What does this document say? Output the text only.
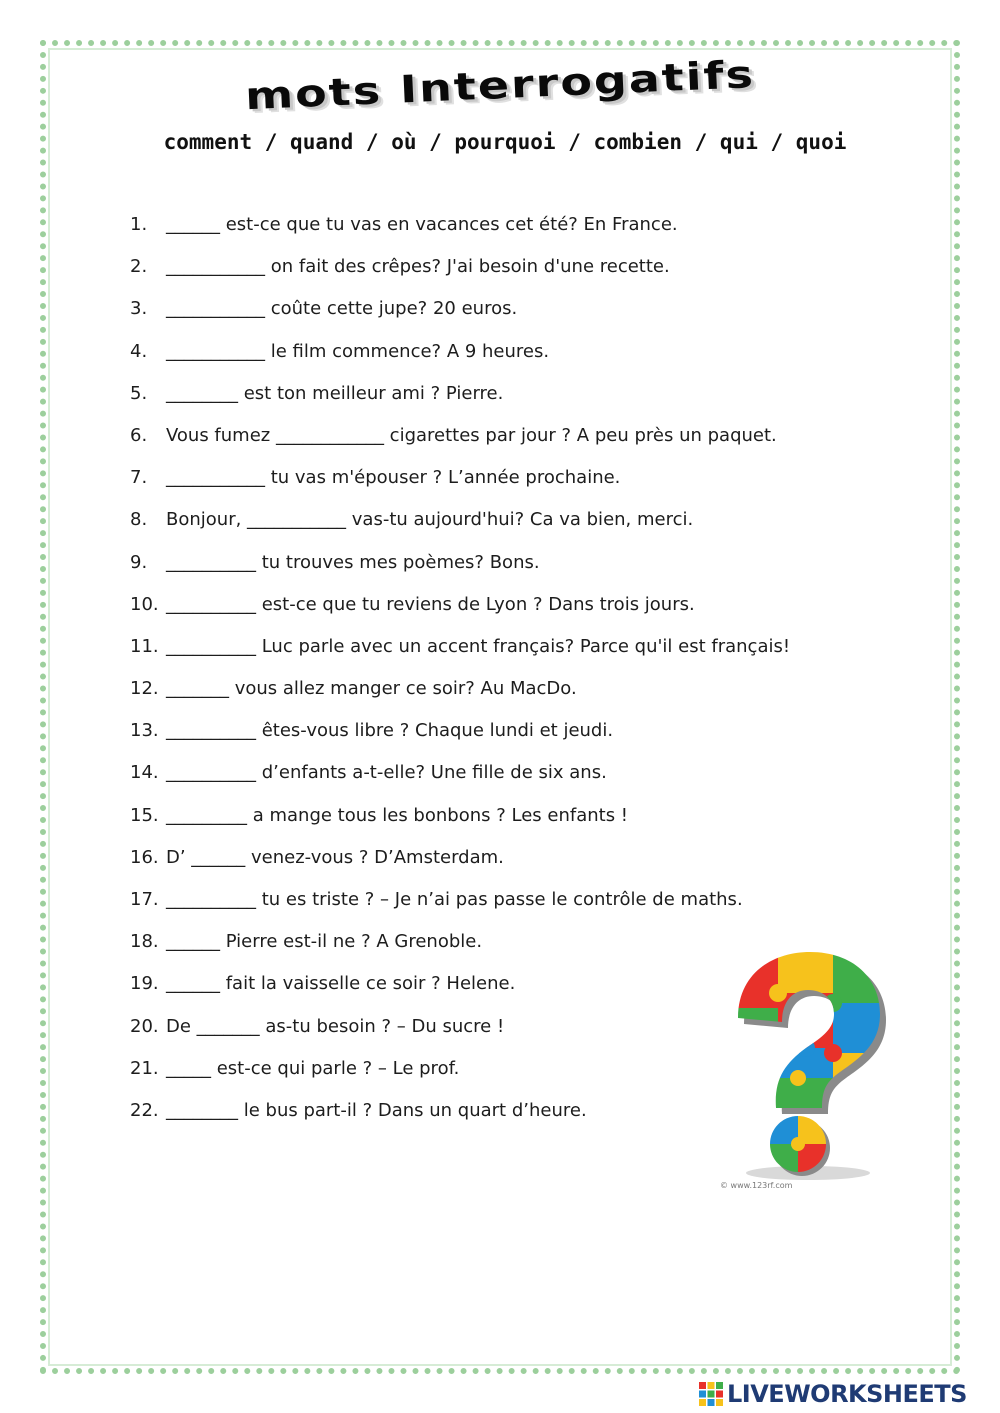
mots Interrogatifs
comment / quand / où / pourquoi / combien / qui / quoi
1. ______ est-ce que tu vas en vacances cet été? En France.
2. ___________ on fait des crêpes? J'ai besoin d'une recette.
3. ___________ coûte cette jupe? 20 euros.
4. ___________ le film commence? A 9 heures.
5. ________ est ton meilleur ami ? Pierre.
6. Vous fumez ____________ cigarettes par jour ? A peu près un paquet.
7. ___________ tu vas m'épouser ? L’année prochaine.
8. Bonjour, ___________ vas-tu aujourd'hui? Ca va bien, merci.
9. __________ tu trouves mes poèmes? Bons.
10. __________ est-ce que tu reviens de Lyon ? Dans trois jours.
11. __________ Luc parle avec un accent français? Parce qu'il est français!
12. _______ vous allez manger ce soir? Au MacDo.
13. __________ êtes-vous libre ? Chaque lundi et jeudi.
14. __________ d’enfants a-t-elle? Une fille de six ans.
15. _________ a mange tous les bonbons ? Les enfants !
16. D’ ______ venez-vous ? D’Amsterdam.
17. __________ tu es triste ? – Je n’ai pas passe le contrôle de maths.
18. ______ Pierre est-il ne ? A Grenoble.
19. ______ fait la vaisselle ce soir ? Helene.
20. De _______ as-tu besoin ? – Du sucre !
21. _____ est-ce qui parle ? – Le prof.
22. ________ le bus part-il ? Dans un quart d’heure.
© www.123rf.com
LIVEWORKSHEETS
